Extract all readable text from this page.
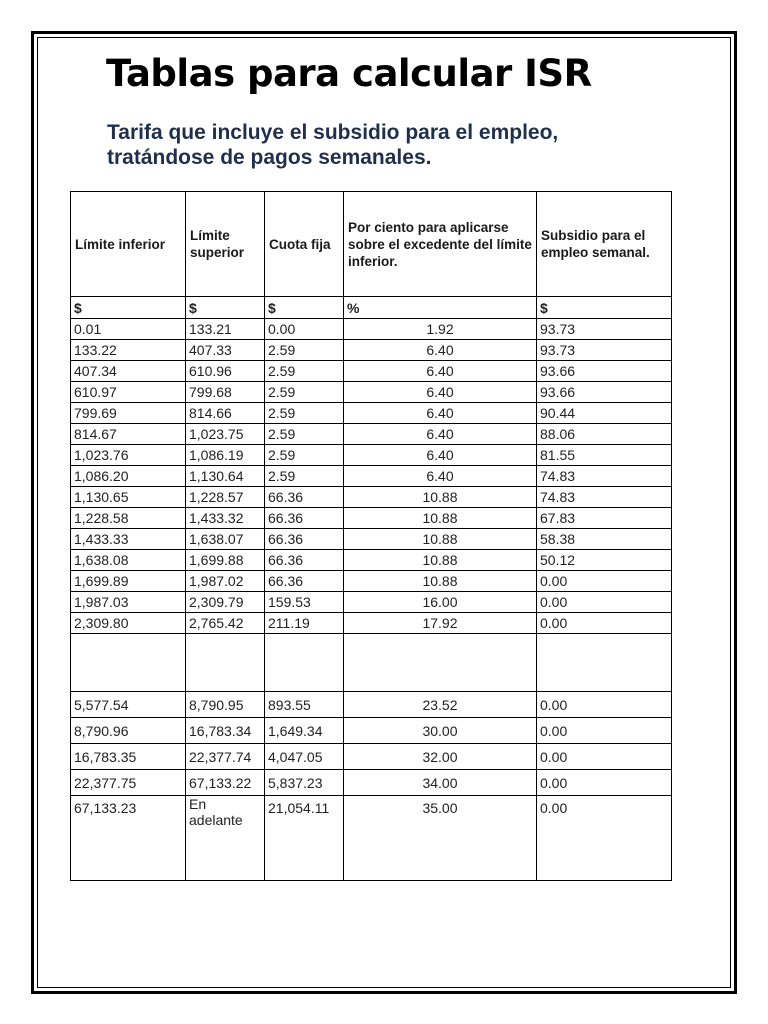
Tablas para calcular ISR

Tarifa que incluye el subsidio para el empleo, tratándose de pagos semanales.

Límite inferior	Límite superior	Cuota fija	Por ciento para aplicarse sobre el excedente del límite inferior.	Subsidio para el empleo semanal.
$	$	$	%	$
0.01	133.21	0.00	1.92	93.73
133.22	407.33	2.59	6.40	93.73
407.34	610.96	2.59	6.40	93.66
610.97	799.68	2.59	6.40	93.66
799.69	814.66	2.59	6.40	90.44
814.67	1,023.75	2.59	6.40	88.06
1,023.76	1,086.19	2.59	6.40	81.55
1,086.20	1,130.64	2.59	6.40	74.83
1,130.65	1,228.57	66.36	10.88	74.83
1,228.58	1,433.32	66.36	10.88	67.83
1,433.33	1,638.07	66.36	10.88	58.38
1,638.08	1,699.88	66.36	10.88	50.12
1,699.89	1,987.02	66.36	10.88	0.00
1,987.03	2,309.79	159.53	16.00	0.00
2,309.80	2,765.42	211.19	17.92	0.00

5,577.54	8,790.95	893.55	23.52	0.00
8,790.96	16,783.34	1,649.34	30.00	0.00
16,783.35	22,377.74	4,047.05	32.00	0.00
22,377.75	67,133.22	5,837.23	34.00	0.00
67,133.23	En adelante	21,054.11	35.00	0.00
